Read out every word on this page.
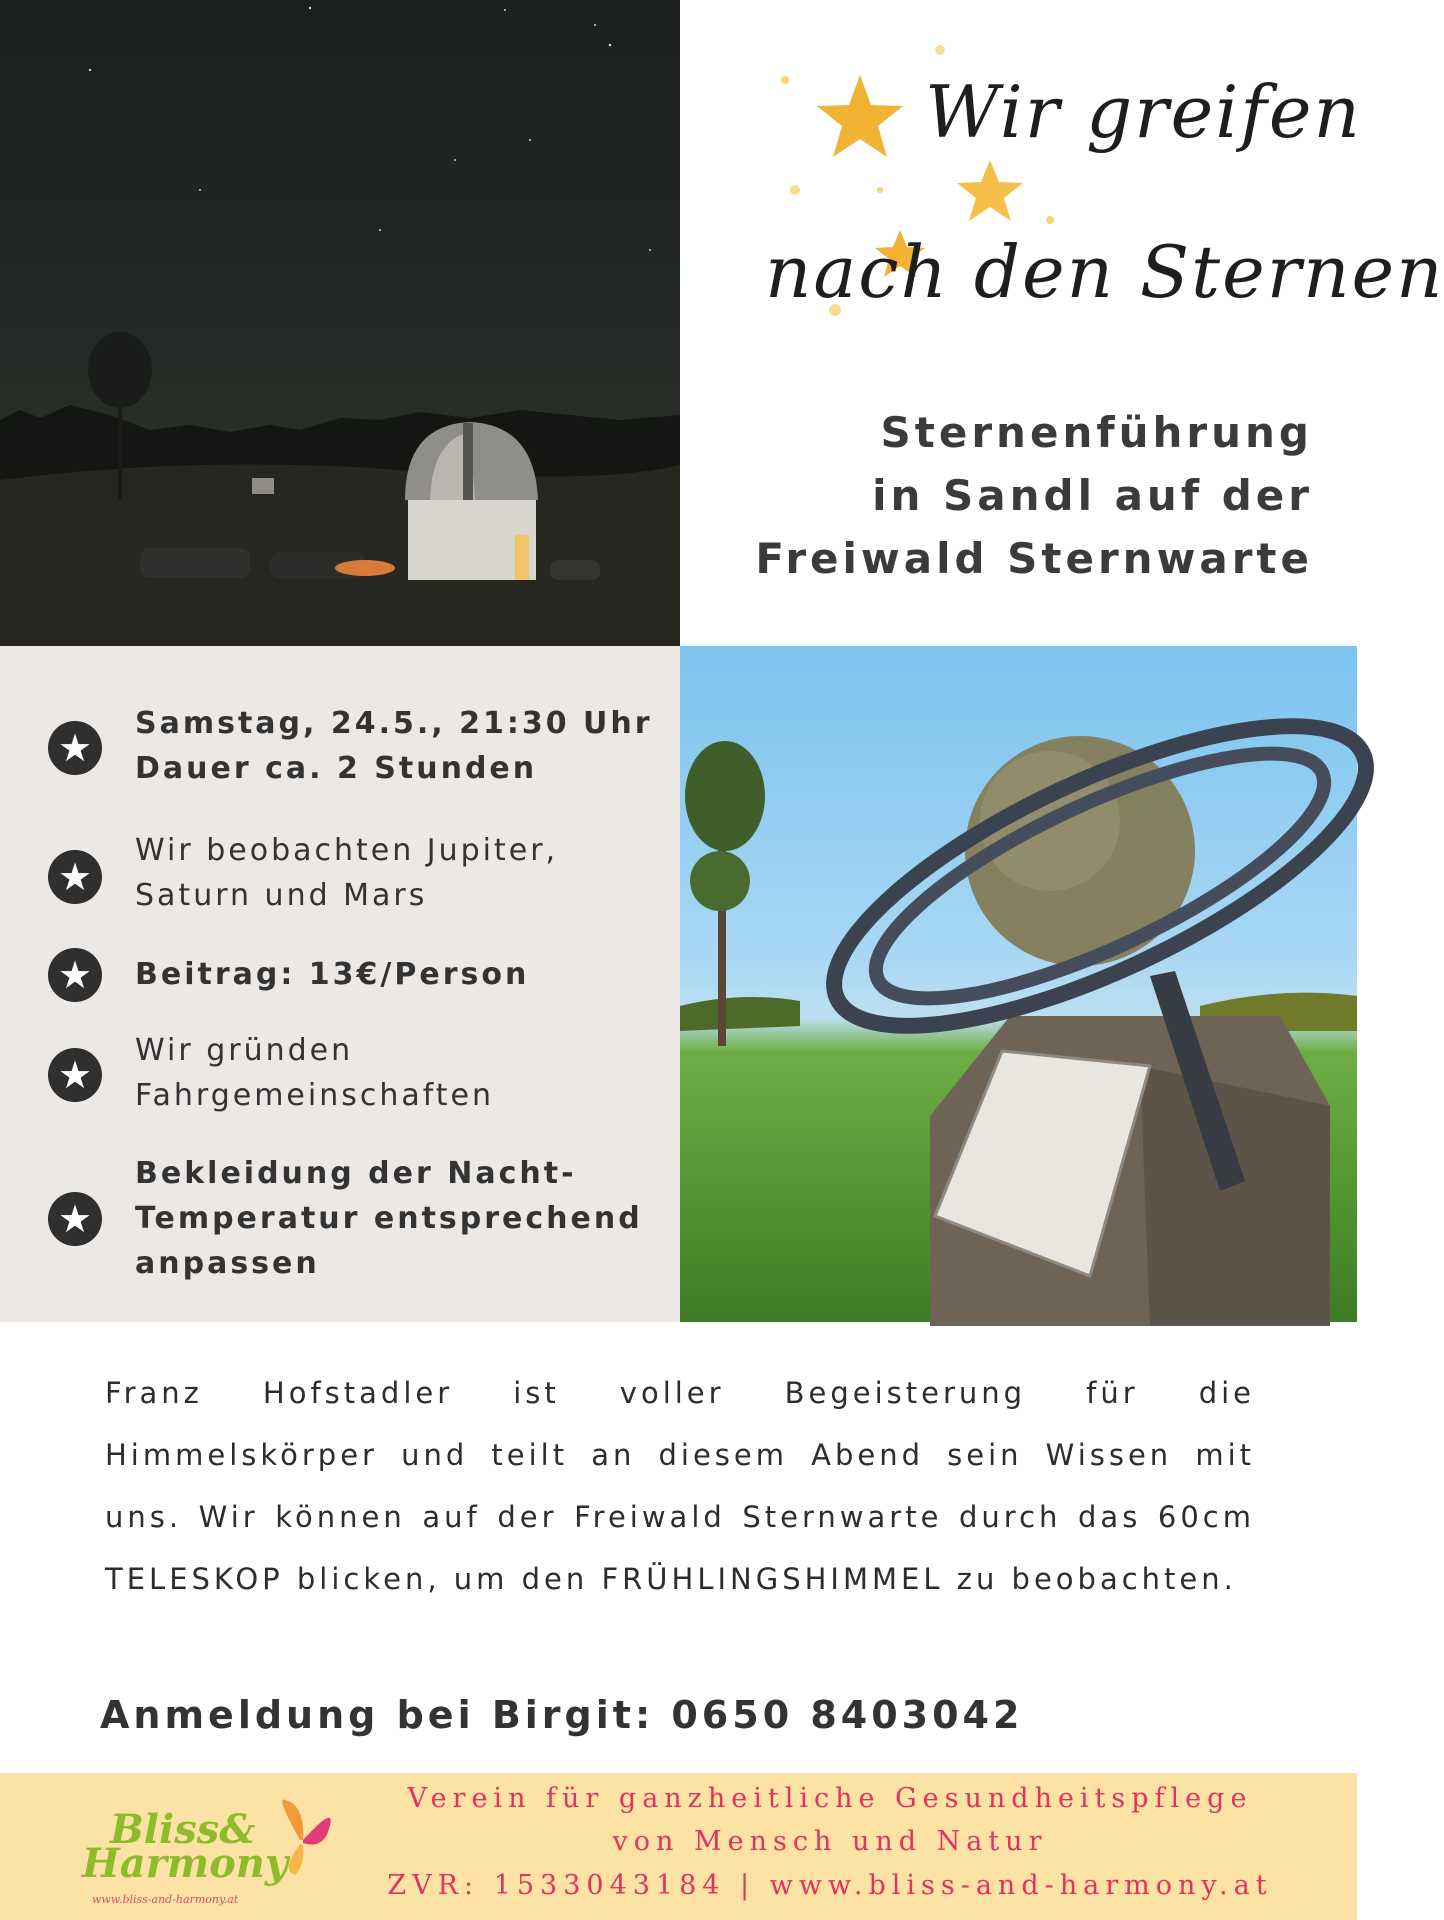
Wir greifen
nach den Sternen
Sternenführung
in Sandl auf der
Freiwald Sternwarte
★
Samstag, 24.5., 21:30 Uhr
Dauer ca. 2 Stunden
★
Wir beobachten Jupiter,
Saturn und Mars
★	Beitrag: 13€/Person
★
Wir gründen
Fahrgemeinschaften
★
Bekleidung der Nacht-
Temperatur entsprechend
anpassen
Franz Hofstadler ist voller Begeisterung für die Himmelskörper und teilt an diesem Abend sein Wissen mit uns. Wir können auf der Freiwald Sternwarte durch das 60cm TELESKOP blicken, um den FRÜHLINGSHIMMEL zu beobachten.
Anmeldung bei Birgit: 0650 8403042
Bliss&
Harmony
www.bliss-and-harmony.at
Verein für ganzheitliche Gesundheitspflege
von Mensch und Natur
ZVR: 1533043184 | www.bliss-and-harmony.at
